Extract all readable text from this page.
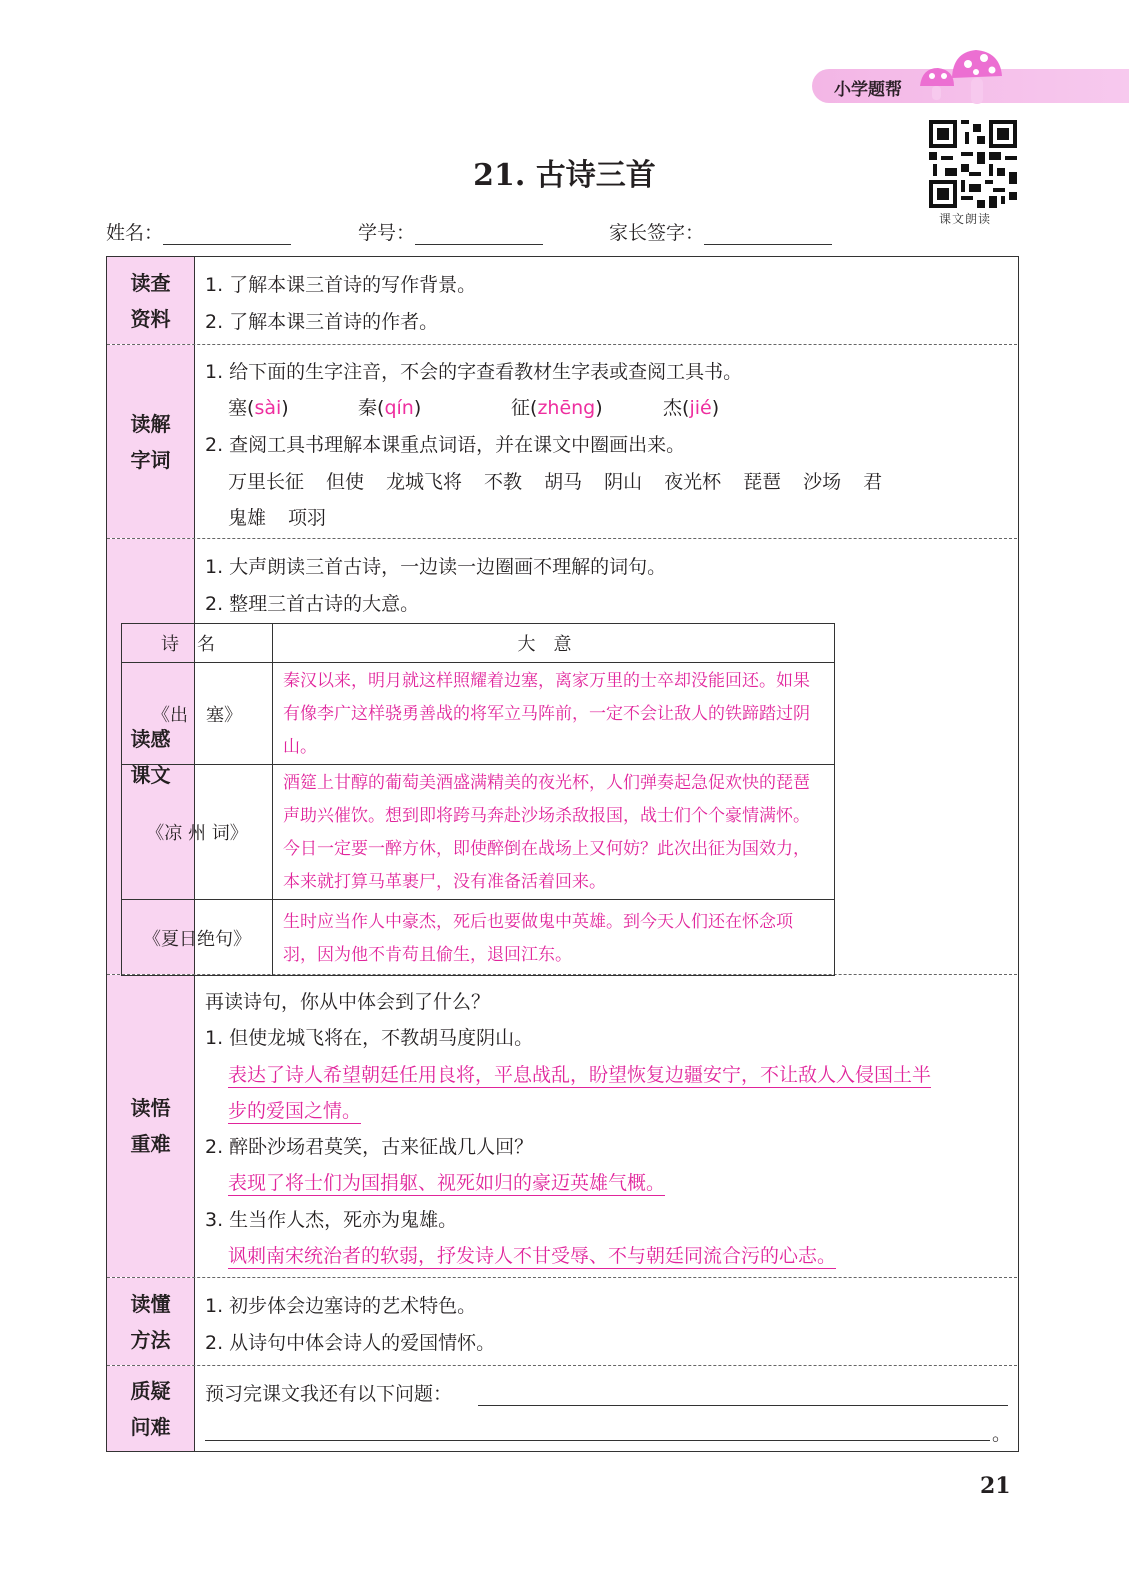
小学题帮
课文朗读
21. 古诗三首
姓名：	学号：	家长签字：
读查
资料
1. 了解本课三首诗的写作背景。
2. 了解本课三首诗的作者。
读解
字词
1. 给下面的生字注音，不会的字查看教材生字表或查阅工具书。
塞(sài)	秦(qín)	征(zhēng)	杰(jié)
2. 查阅工具书理解本课重点词语，并在课文中圈画出来。
万里长征 但使 龙城飞将 不教 胡马 阴山 夜光杯 琵琶 沙场 君
鬼雄 项羽
读感
课文
1. 大声朗读三首古诗，一边读一边圈画不理解的词句。
2. 整理三首古诗的大意。
读悟
重难
再读诗句，你从中体会到了什么？
1. 但使龙城飞将在，不教胡马度阴山。
表达了诗人希望朝廷任用良将，平息战乱，盼望恢复边疆安宁，不让敌人入侵国土半
步的爱国之情。
2. 醉卧沙场君莫笑，古来征战几人回？
表现了将士们为国捐躯、视死如归的豪迈英雄气概。
3. 生当作人杰，死亦为鬼雄。
讽刺南宋统治者的软弱，抒发诗人不甘受辱、不与朝廷同流合污的心志。
读懂
方法
1. 初步体会边塞诗的艺术特色。
2. 从诗句中体会诗人的爱国情怀。
质疑
问难
预习完课文我还有以下问题：
。
诗名	大意
《出　塞》	秦汉以来，明月就这样照耀着边塞，离家万里的士卒却没能回还。如果有像李广这样骁勇善战的将军立马阵前，一定不会让敌人的铁蹄踏过阴山。
《凉 州 词》	酒筵上甘醇的葡萄美酒盛满精美的夜光杯，人们弹奏起急促欢快的琵琶声助兴催饮。想到即将跨马奔赴沙场杀敌报国，战士们个个豪情满怀。今日一定要一醉方休，即使醉倒在战场上又何妨？此次出征为国效力，本来就打算马革裹尸，没有准备活着回来。
《夏日绝句》	生时应当作人中豪杰，死后也要做鬼中英雄。到今天人们还在怀念项羽，因为他不肯苟且偷生，退回江东。
21
